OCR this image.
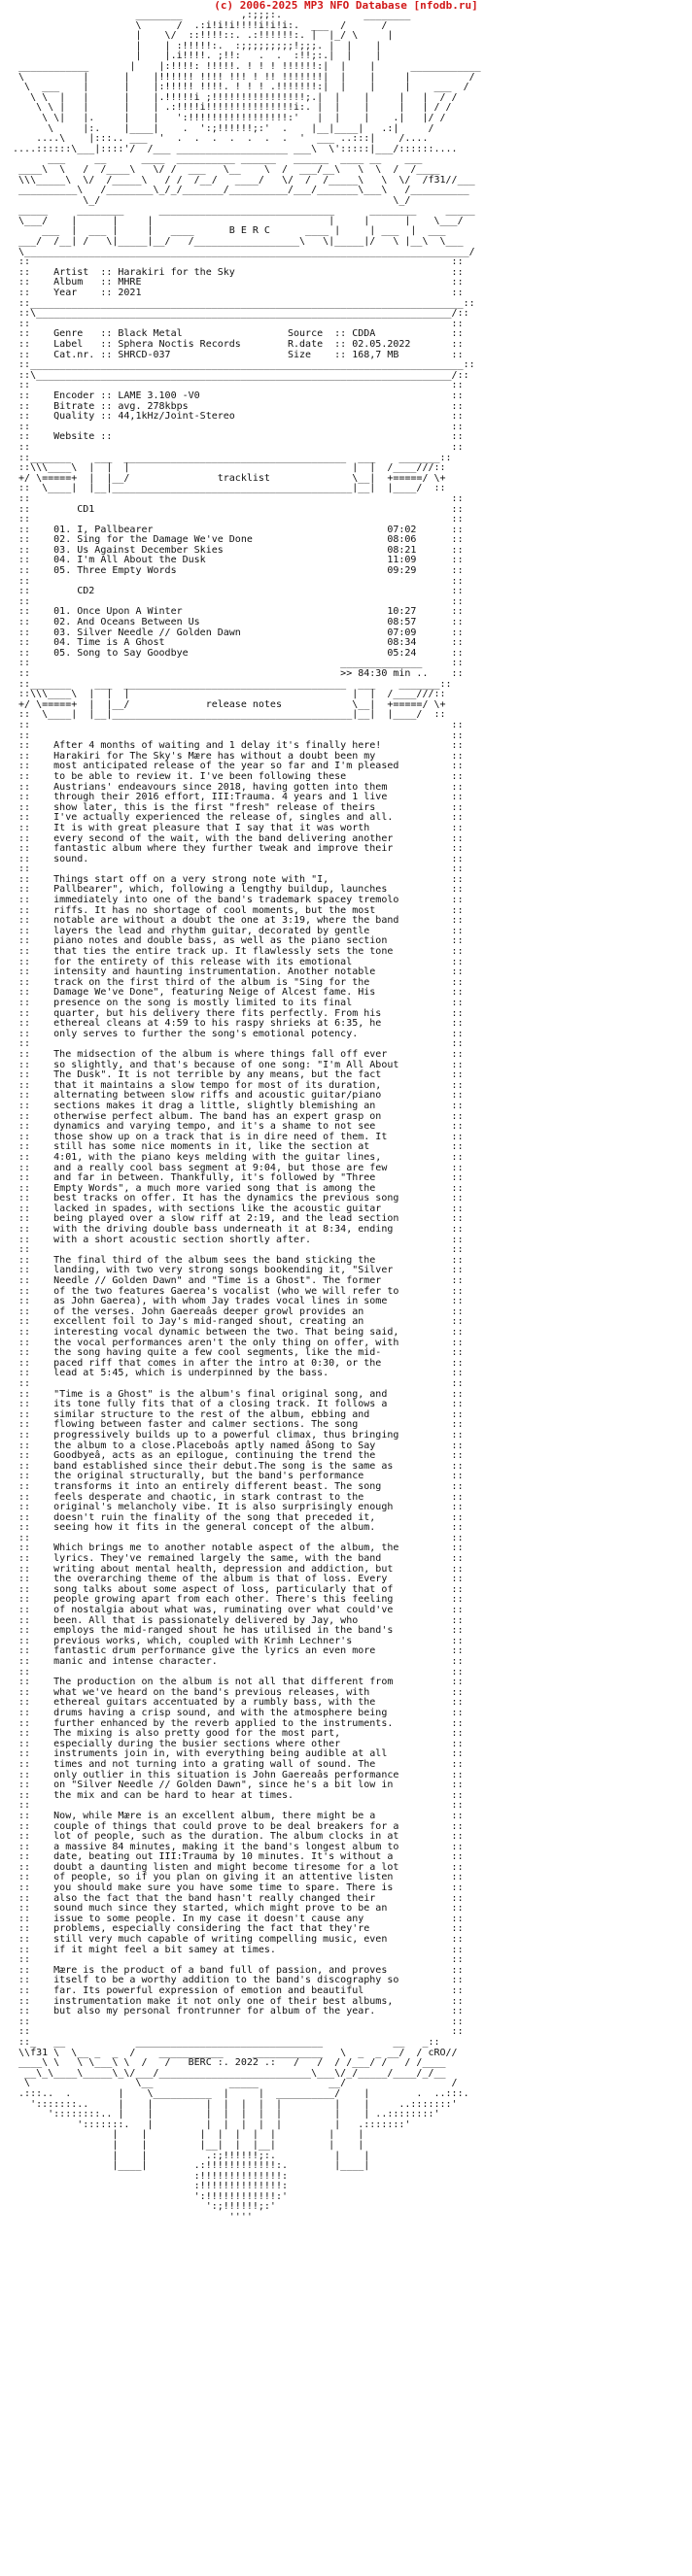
(c) 2006-2025 MP3 NFO Database [nfodb.ru]
________          ,:;;;:.              ________
\      /  .:i!i!i!!!!i!i!i:.  ___  /      /
|    \/  ::!!!!::. .:!!!!!!:. |  |_/ \     |
|    | :!!!!!:.  :;;;;;;;;;!;;;. |  |    |
|    |.i!!!!. ;!!:   .  .  :!!;:.|  |    |
____________       |    |:!!!!: !!!!!. ! ! ! !!!!!!:|  |    |      ____________
\          |      |    |!!!!!! !!!! !!! ! !! !!!!!!!|  |    |     |          /
\  ___    |      |    |:!!!!! !!!!. ! ! ! .!!!!!!!:|  |    |     |    ___  /
\ \  |   |      |    |.!!!!!i ;!!!!!!!!!!!!!!!!;.|  |    |     |   |  / /
\ \ |   |      |    | .:!!!!i!!!!!!!!!!!!!!!i:. |  |    |     |   | / /
\ \|   |.     |    |   ':!!!!!!!!!!!!!!!!!:'   |  |    |    .|   |/ /
\     |:.    |____|    .  ':;!!!!!!;:'  .    |__|____|   .:|     /
....\    |:::.. ___  '  .  .  .  .  .  .  .  '  ___ ..:::|    /....
....::::::\___|::::'/  /___ ___________________ ___\  \':::::|___/::::::....
___     __      ____  __________ ______   ______  ____ __    ___
____\  \   /  /____\   \/ /  ___   \__    \  /  ___/__\   \  \  /  /____
\\\_____\  \/  /_____\   / /  /__/   ____/   \/  /  /_____\   \  \/  /f31//___
__________\   /________\_/_/_______/__________/___/_______\___\   /__________
\_/                                                  \_/
_____     ________      ______________________________      ________     _____
\___/    |      |     |                              |     |      |    \___/
___  |  ___ |     |   ____      B E R C      ____ |     | ___  |  ___
___/  /__| /   \|_____|__/   /__________________\   \|_____|/   \ |__\  \___
\____________________________________________________________________________/
::                                                                        ::
::    Artist  :: Harakiri for the Sky                                     ::
::    Album   :: MHRE                                                     ::
::    Year    :: 2021                                                     ::
::__________________________________________________________________________::
::\_______________________________________________________________________/::
::                                                                        ::
::    Genre   :: Black Metal                  Source  :: CDDA             ::
::    Label   :: Sphera Noctis Records        R.date  :: 02.05.2022       ::
::    Cat.nr. :: SHRCD-037                    Size    :: 168,7 MB         ::
::__________________________________________________________________________::
::\_______________________________________________________________________/::
::                                                                        ::
::    Encoder :: LAME 3.100 -V0                                           ::
::    Bitrate :: avg. 278kbps                                             ::
::    Quality :: 44,1kHz/Joint-Stereo                                     ::
::                                                                        ::
::    Website ::                                                          ::
::                                                                        ::
::_______    ___  ______________________________________  ___    _______::
::\\\____\  |  |  |                                      |  |  /____///::
+/ \=====+  |  |__/               tracklist              \__|  +=====/ \+
::  \____|  |__|_________________________________________|__|  |____/  ::
::                                                                        ::
::        CD1                                                             ::
::                                                                        ::
::    01. I, Pallbearer                                        07:02      ::
::    02. Sing for the Damage We've Done                       08:06      ::
::    03. Us Against December Skies                            08:21      ::
::    04. I'm All About the Dusk                               11:09      ::
::    05. Three Empty Words                                    09:29      ::
::                                                                        ::
::        CD2                                                             ::
::                                                                        ::
::    01. Once Upon A Winter                                   10:27      ::
::    02. And Oceans Between Us                                08:57      ::
::    03. Silver Needle // Golden Dawn                         07:09      ::
::    04. Time is A Ghost                                      08:34      ::
::    05. Song to Say Goodbye                                  05:24      ::
::                                                     ______________     ::
::                                                     >> 84:30 min ..    ::
::_______    ___  ______________________________________  ___    _______::
::\\\____\  |  |  |                                      |  |  /____///::
+/ \=====+  |  |__/             release notes            \__|  +=====/ \+
::  \____|  |__|_________________________________________|__|  |____/  ::
::                                                                        ::
::                                                                        ::
::    After 4 months of waiting and 1 delay it's finally here!            ::
::    Harakiri for The Sky's Mære has without a doubt been my             ::
::    most anticipated release of the year so far and I'm pleased         ::
::    to be able to review it. I've been following these                  ::
::    Austrians' endeavours since 2018, having gotten into them           ::
::    through their 2016 effort, III:Trauma. 4 years and 1 live           ::
::    show later, this is the first "fresh" release of theirs             ::
::    I've actually experienced the release of, singles and all.          ::
::    It is with great pleasure that I say that it was worth              ::
::    every second of the wait, with the band delivering another          ::
::    fantastic album where they further tweak and improve their          ::
::    sound.                                                              ::
::                                                                        ::
::    Things start off on a very strong note with "I,                     ::
::    Pallbearer", which, following a lengthy buildup, launches           ::
::    immediately into one of the band's trademark spacey tremolo         ::
::    riffs. It has no shortage of cool moments, but the most             ::
::    notable are without a doubt the one at 3:19, where the band         ::
::    layers the lead and rhythm guitar, decorated by gentle              ::
::    piano notes and double bass, as well as the piano section           ::
::    that ties the entire track up. It flawlessly sets the tone          ::
::    for the entirety of this release with its emotional                 ::
::    intensity and haunting instrumentation. Another notable             ::
::    track on the first third of the album is "Sing for the              ::
::    Damage We've Done", featuring Neige of Alcest fame. His             ::
::    presence on the song is mostly limited to its final                 ::
::    quarter, but his delivery there fits perfectly. From his            ::
::    ethereal cleans at 4:59 to his raspy shrieks at 6:35, he            ::
::    only serves to further the song's emotional potency.                ::
::                                                                        ::
::    The midsection of the album is where things fall off ever           ::
::    so slightly, and that's because of one song: "I'm All About         ::
::    The Dusk". It is not terrible by any means, but the fact            ::
::    that it maintains a slow tempo for most of its duration,            ::
::    alternating between slow riffs and acoustic guitar/piano            ::
::    sections makes it drag a little, slightly blemishing an             ::
::    otherwise perfect album. The band has an expert grasp on            ::
::    dynamics and varying tempo, and it's a shame to not see             ::
::    those show up on a track that is in dire need of them. It           ::
::    still has some nice moments in it, like the section at              ::
::    4:01, with the piano keys melding with the guitar lines,            ::
::    and a really cool bass segment at 9:04, but those are few           ::
::    and far in between. Thankfully, it's followed by "Three             ::
::    Empty Words", a much more varied song that is among the             ::
::    best tracks on offer. It has the dynamics the previous song         ::
::    lacked in spades, with sections like the acoustic guitar            ::
::    being played over a slow riff at 2:19, and the lead section         ::
::    with the driving double bass underneath it at 8:34, ending          ::
::    with a short acoustic section shortly after.                        ::
::                                                                        ::
::    The final third of the album sees the band sticking the             ::
::    landing, with two very strong songs bookending it, "Silver          ::
::    Needle // Golden Dawn" and "Time is a Ghost". The former            ::
::    of the two features Gaerea's vocalist (who we will refer to         ::
::    as John Gaerea), with whom Jay trades vocal lines in some           ::
::    of the verses. John Gaereaâs deeper growl provides an               ::
::    excellent foil to Jay's mid-ranged shout, creating an               ::
::    interesting vocal dynamic between the two. That being said,         ::
::    the vocal performances aren't the only thing on offer, with         ::
::    the song having quite a few cool segments, like the mid-            ::
::    paced riff that comes in after the intro at 0:30, or the            ::
::    lead at 5:45, which is underpinned by the bass.                     ::
::                                                                        ::
::    "Time is a Ghost" is the album's final original song, and           ::
::    its tone fully fits that of a closing track. It follows a           ::
::    similar structure to the rest of the album, ebbing and              ::
::    flowing between faster and calmer sections. The song                ::
::    progressively builds up to a powerful climax, thus bringing         ::
::    the album to a close.Placeboâs aptly named âSong to Say             ::
::    Goodbyeâ, acts as an epilogue, continuing the trend the             ::
::    band established since their debut.The song is the same as          ::
::    the original structurally, but the band's performance               ::
::    transforms it into an entirely different beast. The song            ::
::    feels desperate and chaotic, in stark contrast to the               ::
::    original's melancholy vibe. It is also surprisingly enough          ::
::    doesn't ruin the finality of the song that preceded it,             ::
::    seeing how it fits in the general concept of the album.             ::
::                                                                        ::
::    Which brings me to another notable aspect of the album, the         ::
::    lyrics. They've remained largely the same, with the band            ::
::    writing about mental health, depression and addiction, but          ::
::    the overarching theme of the album is that of loss. Every           ::
::    song talks about some aspect of loss, particularly that of          ::
::    people growing apart from each other. There's this feeling          ::
::    of nostalgia about what was, ruminating over what could've          ::
::    been. All that is passionately delivered by Jay, who                ::
::    employs the mid-ranged shout he has utilised in the band's          ::
::    previous works, which, coupled with Krimh Lechner's                 ::
::    fantastic drum performance give the lyrics an even more             ::
::    manic and intense character.                                        ::
::                                                                        ::
::    The production on the album is not all that different from          ::
::    what we've heard on the band's previous releases, with              ::
::    ethereal guitars accentuated by a rumbly bass, with the             ::
::    drums having a crisp sound, and with the atmosphere being           ::
::    further enhanced by the reverb applied to the instruments.          ::
::    The mixing is also pretty good for the most part,                   ::
::    especially during the busier sections where other                   ::
::    instruments join in, with everything being audible at all           ::
::    times and not turning into a grating wall of sound. The             ::
::    only outlier in this situation is John Gaereaâs performance         ::
::    on "Silver Needle // Golden Dawn", since he's a bit low in          ::
::    the mix and can be hard to hear at times.                           ::
::                                                                        ::
::    Now, while Mære is an excellent album, there might be a             ::
::    couple of things that could prove to be deal breakers for a         ::
::    lot of people, such as the duration. The album clocks in at         ::
::    a massive 84 minutes, making it the band's longest album to         ::
::    date, beating out III:Trauma by 10 minutes. It's without a          ::
::    doubt a daunting listen and might become tiresome for a lot         ::
::    of people, so if you plan on giving it an attentive listen          ::
::    you should make sure you have some time to spare. There is          ::
::    also the fact that the band hasn't really changed their             ::
::    sound much since they started, which might prove to be an           ::
::    issue to some people. In my case it doesn't cause any               ::
::    problems, especially considering the fact that they're              ::
::    still very much capable of writing compelling music, even           ::
::    if it might feel a bit samey at times.                              ::
::                                                                        ::
::    Mære is the product of a band full of passion, and proves           ::
::    itself to be a worthy addition to the band's discography so         ::
::    far. Its powerful expression of emotion and beautiful               ::
::    instrumentation make it not only one of their best albums,          ::
::    but also my personal frontrunner for album of the year.             ::
::                                                                        ::
::                                                                        ::
::_   __            ________________________________            __   _::
\\f31 \  \__ _  _  /    ___________     ____________   \  _  _ __/  / cRO//
____\ \   \ \___\ \  /   /   BERC :. 2022 .:   /   /  / /___/ /   / /____
__\_\____\_____\_\/___/__________________________\___\/_/_____/____/_/__
\                  \__             _____            __/                  /
.:::..  .        |    \__________  |     |  __________/    |        .  ..:::.
':::::::..     |    |         |  |  |  |  |         |    |     ..:::::::'
'::::::::.. |    |         |  |  |  |  |         |    | ..::::::::'
':::::::.   |         |  |  |  |  |         |   .:::::::'
|    |         |  |  |  |  |         |    |
|    |         |__|  |  |__|         |    |
|    |          .:;!!!!!!;:.          |    |
|____|        .:!!!!!!!!!!!!:.        |____|
:!!!!!!!!!!!!!!:
:!!!!!!!!!!!!!!:
':!!!!!!!!!!!!:'
':;!!!!!!;:'
''''
